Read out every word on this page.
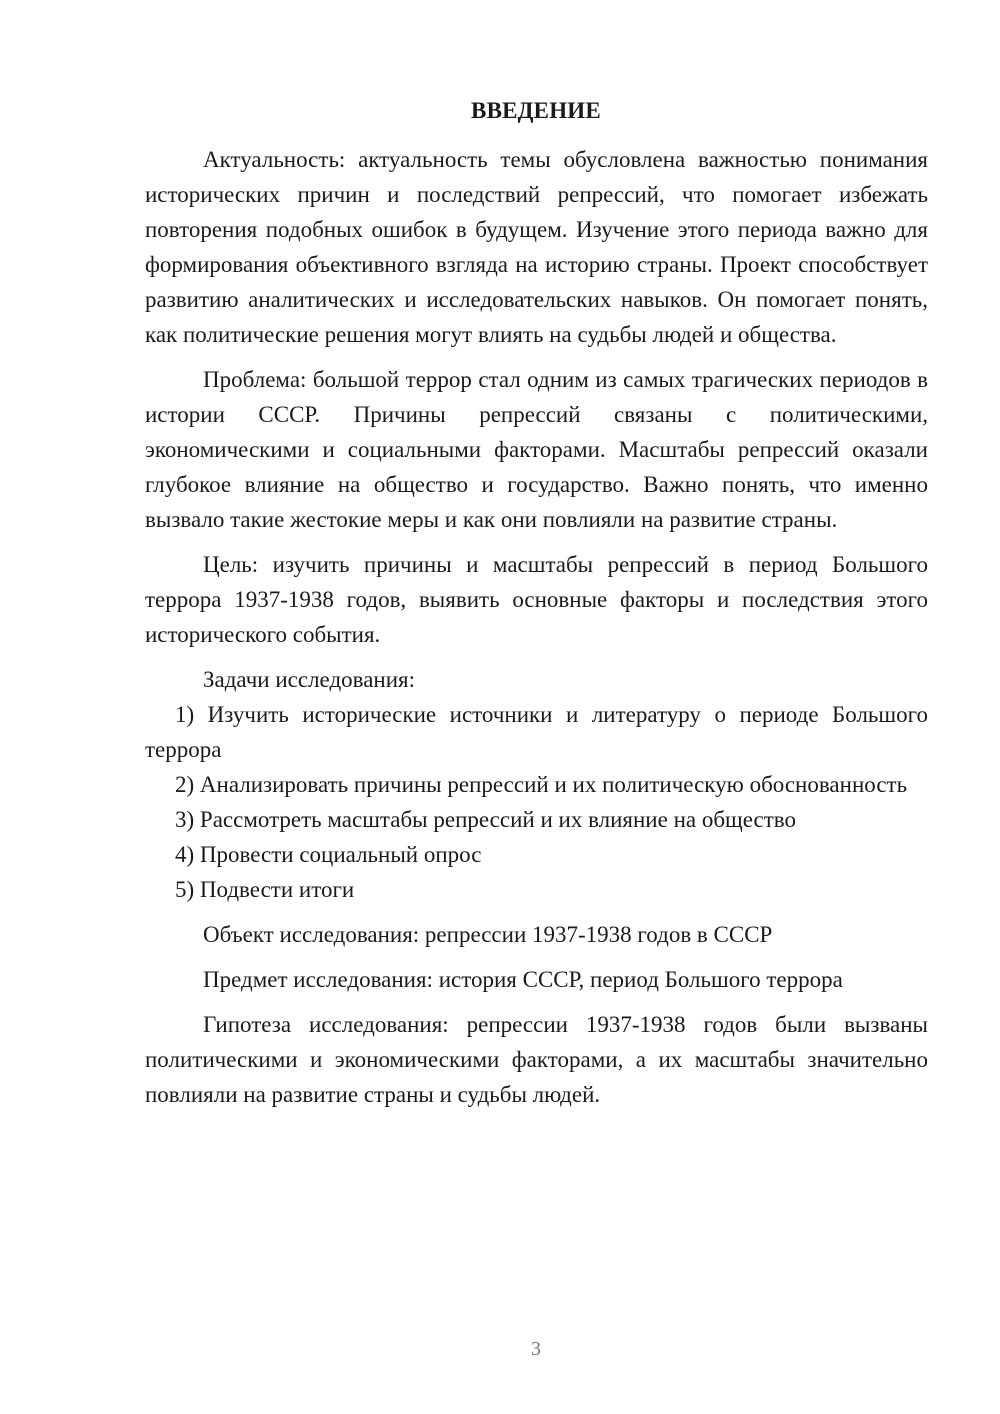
ВВЕДЕНИЕ

Актуальность: актуальность темы обусловлена важностью понимания исторических причин и последствий репрессий, что помогает избежать повторения подобных ошибок в будущем. Изучение этого периода важно для формирования объективного взгляда на историю страны. Проект способствует развитию аналитических и исследовательских навыков. Он помогает понять, как политические решения могут влиять на судьбы людей и общества.

Проблема: большой террор стал одним из самых трагических периодов в истории СССР. Причины репрессий связаны с политическими, экономическими и социальными факторами. Масштабы репрессий оказали глубокое влияние на общество и государство. Важно понять, что именно вызвало такие жестокие меры и как они повлияли на развитие страны.

Цель: изучить причины и масштабы репрессий в период Большого террора 1937-1938 годов, выявить основные факторы и последствия этого исторического события.

Задачи исследования:

1) Изучить исторические источники и литературу о периоде Большого террора

2) Анализировать причины репрессий и их политическую обоснованность

3) Рассмотреть масштабы репрессий и их влияние на общество

4) Провести социальный опрос

5) Подвести итоги

Объект исследования: репрессии 1937-1938 годов в СССР

Предмет исследования: история СССР, период Большого террора

Гипотеза исследования: репрессии 1937-1938 годов были вызваны политическими и экономическими факторами, а их масштабы значительно повлияли на развитие страны и судьбы людей.

3
